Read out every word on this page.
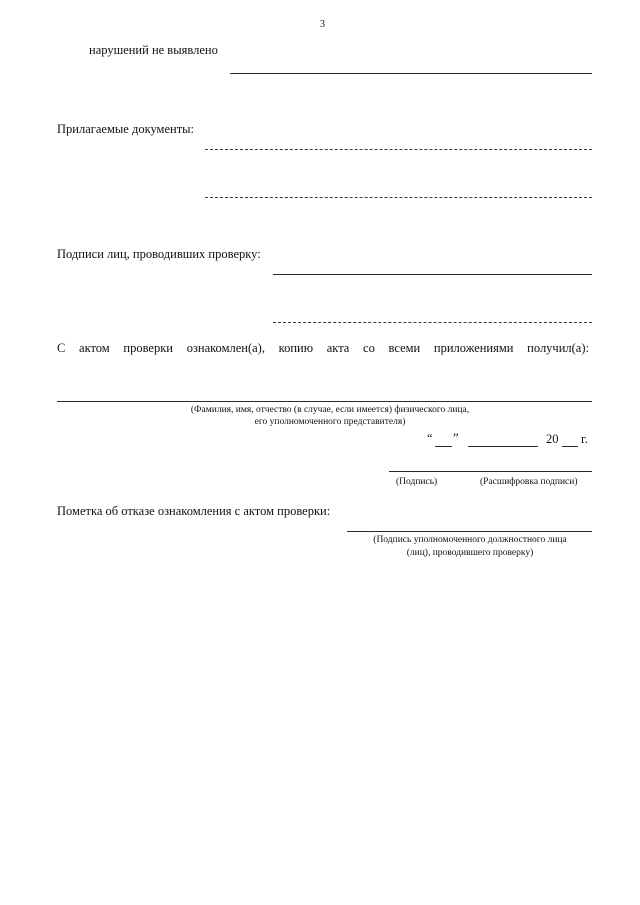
3
нарушений не выявлено
Прилагаемые документы:
Подписи лиц, проводивших проверку:
С актом проверки ознакомлен(а), копию акта со всеми приложениями получил(а):
(Фамилия, имя, отчество (в случае, если имеется) физического лица,
его уполномоченного представителя)
“ ”	20 г.
(Подпись)	(Расшифровка подписи)
Пометка об отказе ознакомления с актом проверки:
(Подпись уполномоченного должностного лица
(лиц), проводившего проверку)
